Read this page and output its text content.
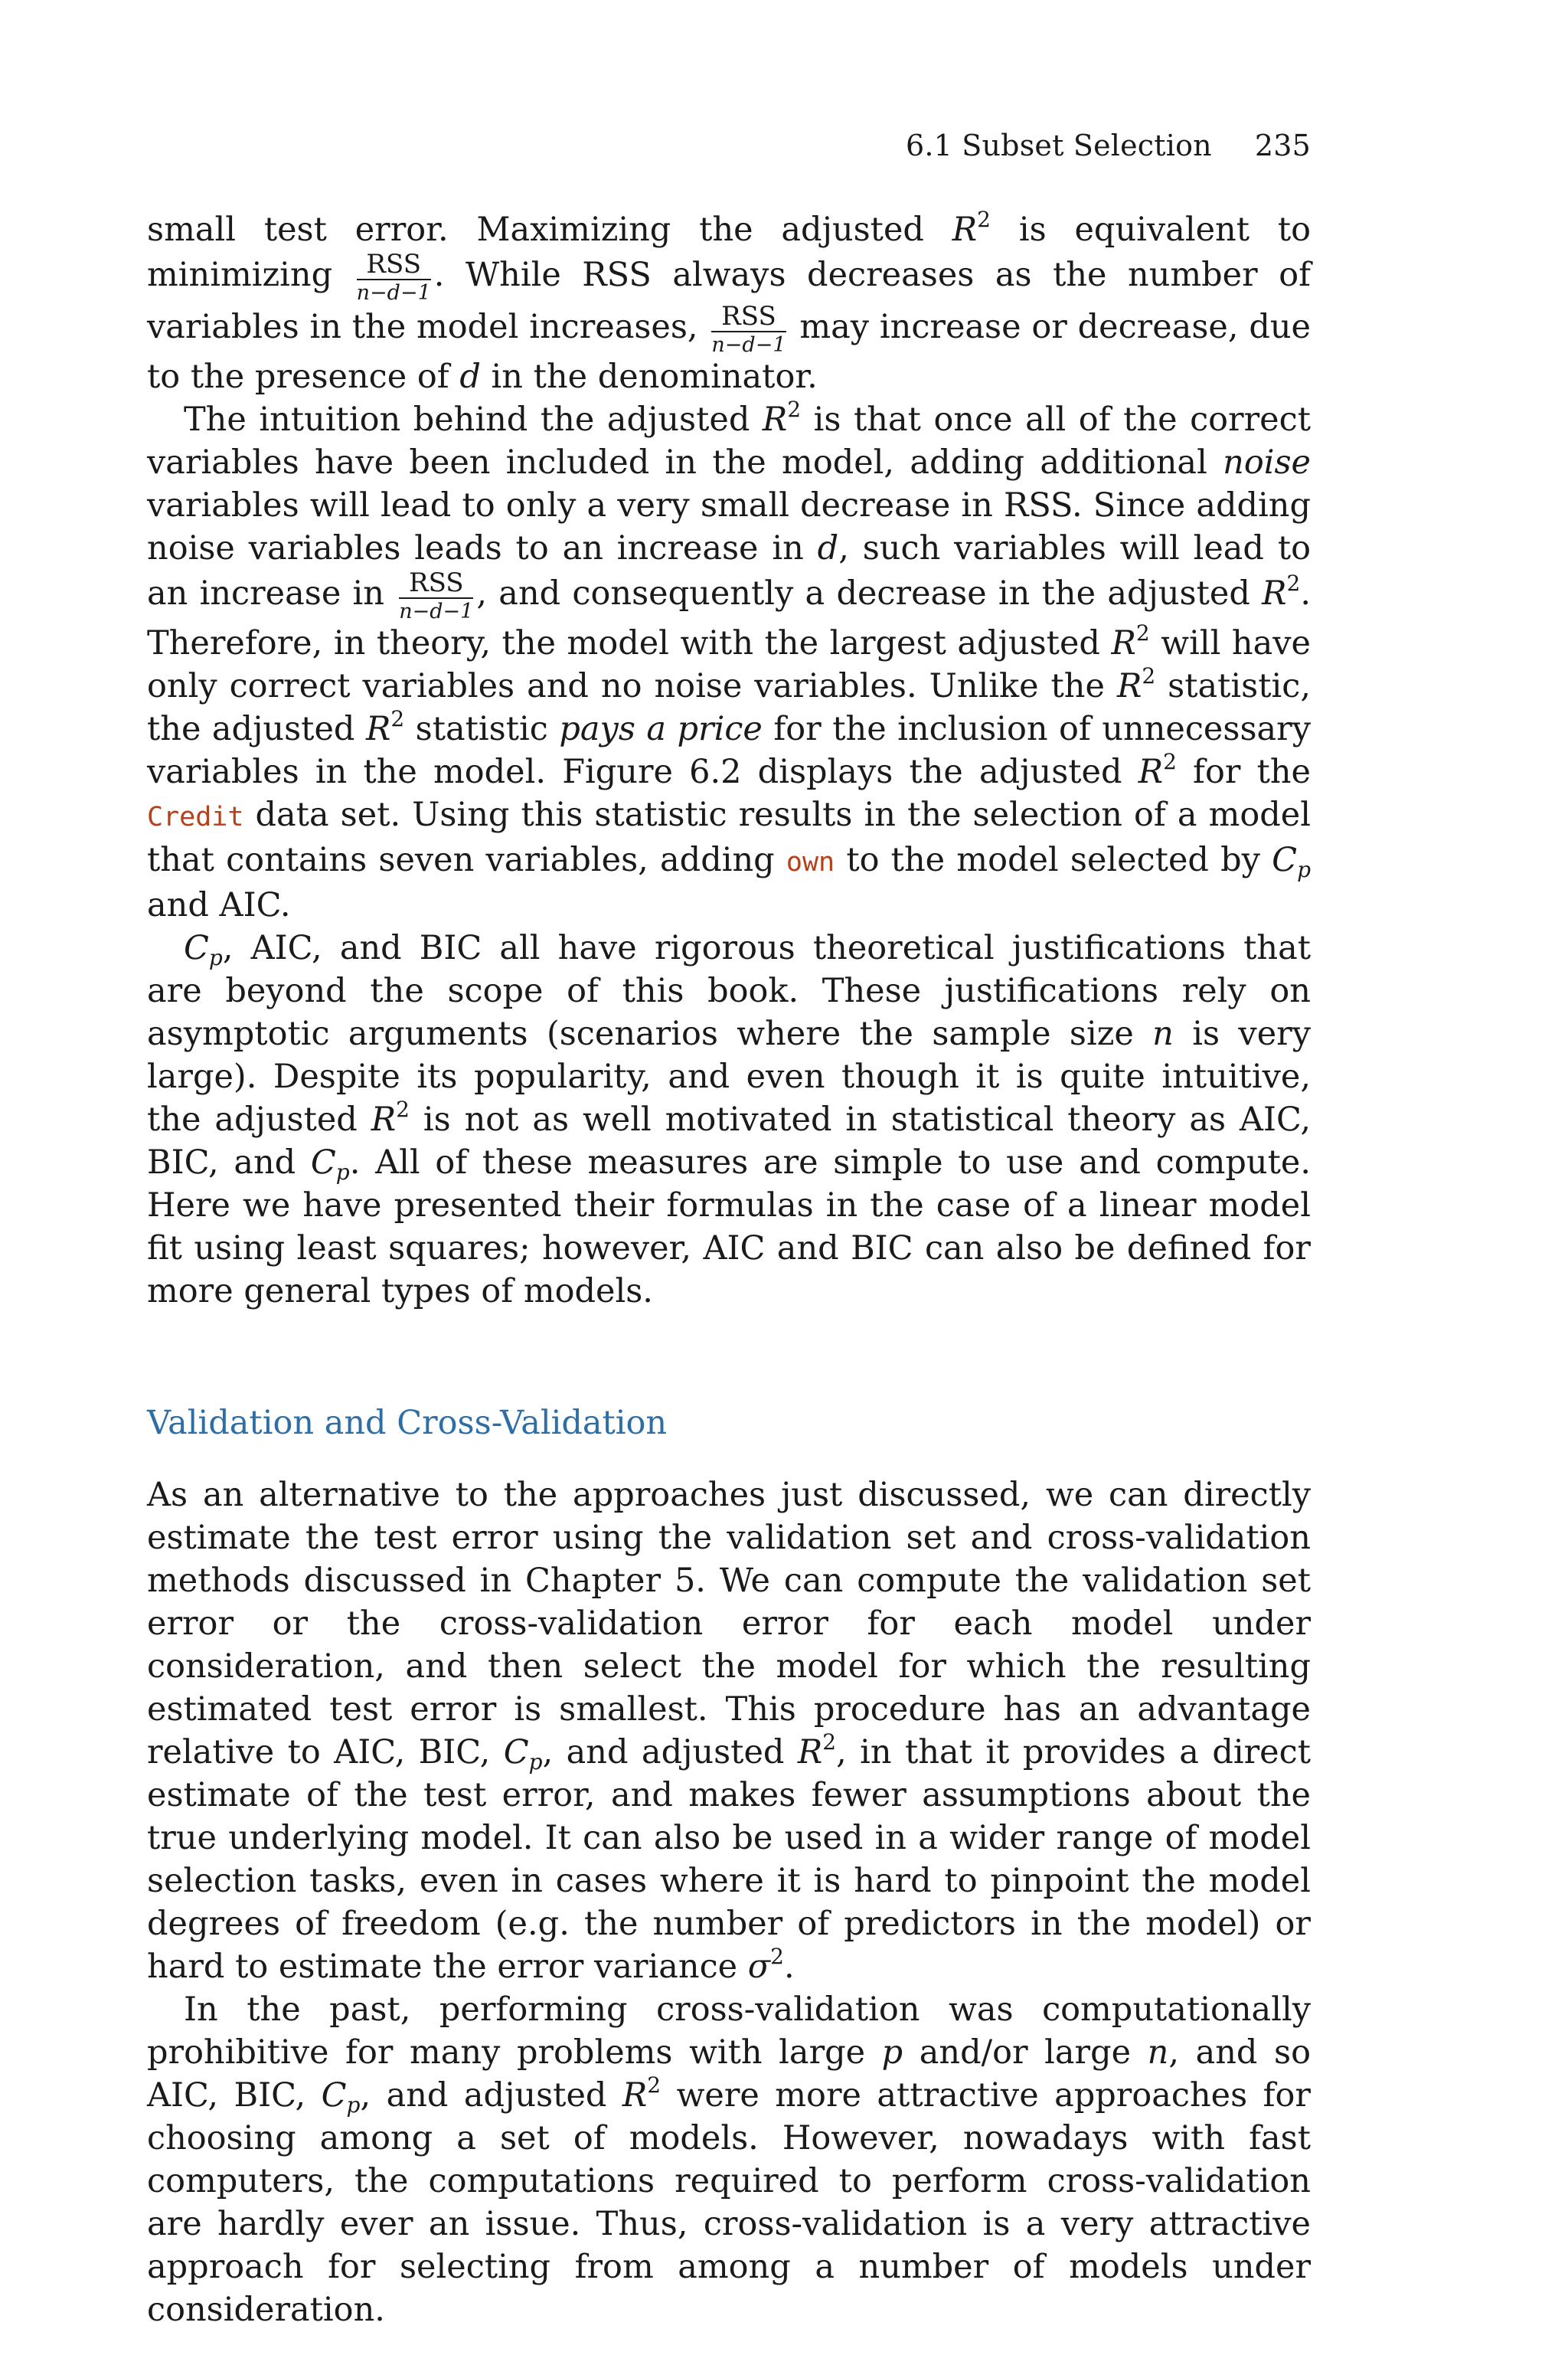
6.1 Subset Selection 235

small test error. Maximizing the adjusted $R^2$ is equivalent to minimizing $\frac{\text{RSS}}{n-d-1}$ . While RSS always decreases as the number of variables in the model increases, $\frac{\text{RSS}}{n-d-1}$ may increase or decrease, due to the presence of d in the denominator.

The intuition behind the adjusted $R^2$ is that once all of the correct variables have been included in the model, adding additional noise variables will lead to only a very small decrease in RSS. Since adding noise variables leads to an increase in d, such variables will lead to an increase in $\frac{\text{RSS}}{n-d-1}$ , and consequently a decrease in the adjusted $R^2$. Therefore, in theory, the model with the largest adjusted $R^2$ will have only correct variables and no noise variables. Unlike the $R^2$ statistic, the adjusted $R^2$ statistic pays a price for the inclusion of unnecessary variables in the model. Figure 6.2 displays the adjusted $R^2$ for the Credit data set. Using this statistic results in the selection of a model that contains seven variables, adding own to the model selected by $C_p$ and AIC.

$C_p$, AIC, and BIC all have rigorous theoretical justifications that are beyond the scope of this book. These justifications rely on asymptotic arguments (scenarios where the sample size n is very large). Despite its popularity, and even though it is quite intuitive, the adjusted $R^2$ is not as well motivated in statistical theory as AIC, BIC, and $C_p$. All of these measures are simple to use and compute. Here we have presented their formulas in the case of a linear model fit using least squares; however, AIC and BIC can also be defined for more general types of models.

Validation and Cross-Validation

As an alternative to the approaches just discussed, we can directly estimate the test error using the validation set and cross-validation methods discussed in Chapter 5. We can compute the validation set error or the cross-validation error for each model under consideration, and then select the model for which the resulting estimated test error is smallest. This procedure has an advantage relative to AIC, BIC, $C_p$, and adjusted $R^2$, in that it provides a direct estimate of the test error, and makes fewer assumptions about the true underlying model. It can also be used in a wider range of model selection tasks, even in cases where it is hard to pinpoint the model degrees of freedom (e.g. the number of predictors in the model) or hard to estimate the error variance $\sigma^2$.

In the past, performing cross-validation was computationally prohibitive for many problems with large p and/or large n, and so AIC, BIC, $C_p$, and adjusted $R^2$ were more attractive approaches for choosing among a set of models. However, nowadays with fast computers, the computations required to perform cross-validation are hardly ever an issue. Thus, cross-validation is a very attractive approach for selecting from among a number of models under consideration.
